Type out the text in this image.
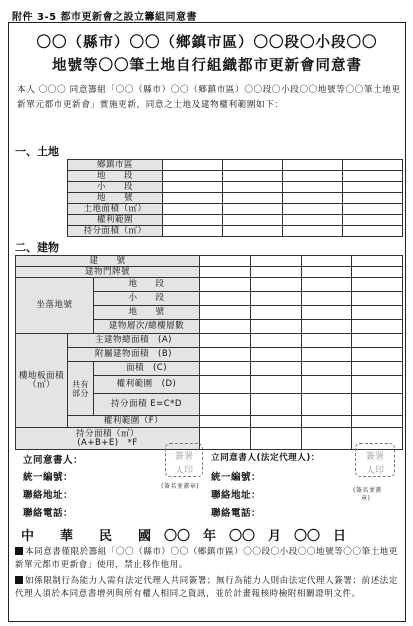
附件 3-5 都市更新會之設立籌組同意書
〇〇（縣市）〇〇（鄉鎮市區）〇〇段〇小段〇〇
地號等〇〇筆土地自行組織都市更新會同意書
本人 〇〇〇 同意籌組「〇〇（縣市）〇〇（鄉鎮市區）〇〇段〇小段〇〇地號等〇〇筆土地更新單元都市更新會」實施更新，同意之土地及建物權利範圍如下：
一、土地
鄉鎮市區				
地　　段				
小　　段				
地　　號				
土地面積（㎡）				
權利範圍				
持分面積（㎡）				
二、建物
建　　號						
建物門牌號						
坐落地號		地　　段				
		小　　段				
		地　　號				
		建物層次/總樓層數				
樓地板面積（㎡）	主建物總面積　(A)					
	附屬建物面積　(B)					
	共有部分	面積　(C)				
		權利範圍　(D)				
		持分面積 E=C*D				
	權利範圍（F）					

持分面積（㎡）
(A+B+E)　*F						

立同意書人：
統一編號：
聯絡地址：
聯絡電話：
簽署
人印
(簽名並蓋章)
立同意書人(法定代理人)：
統一編號：
聯絡地址：
聯絡電話：
簽署
人印
(簽名並蓋
章)
中　　華　　民　　國　〇〇　年　〇〇　月　〇〇　日
本同意書僅限於籌組「〇〇（縣市）〇〇（鄉鎮市區）〇〇段〇小段〇〇地號等〇〇筆土地更新單元都市更新會」使用，禁止移作他用。
如係限制行為能力人需有法定代理人共同簽署；無行為能力人則由法定代理人簽署；前述法定代理人須於本同意書增列與所有權人相同之資訊，並於計畫報核時檢附相關證明文件。
